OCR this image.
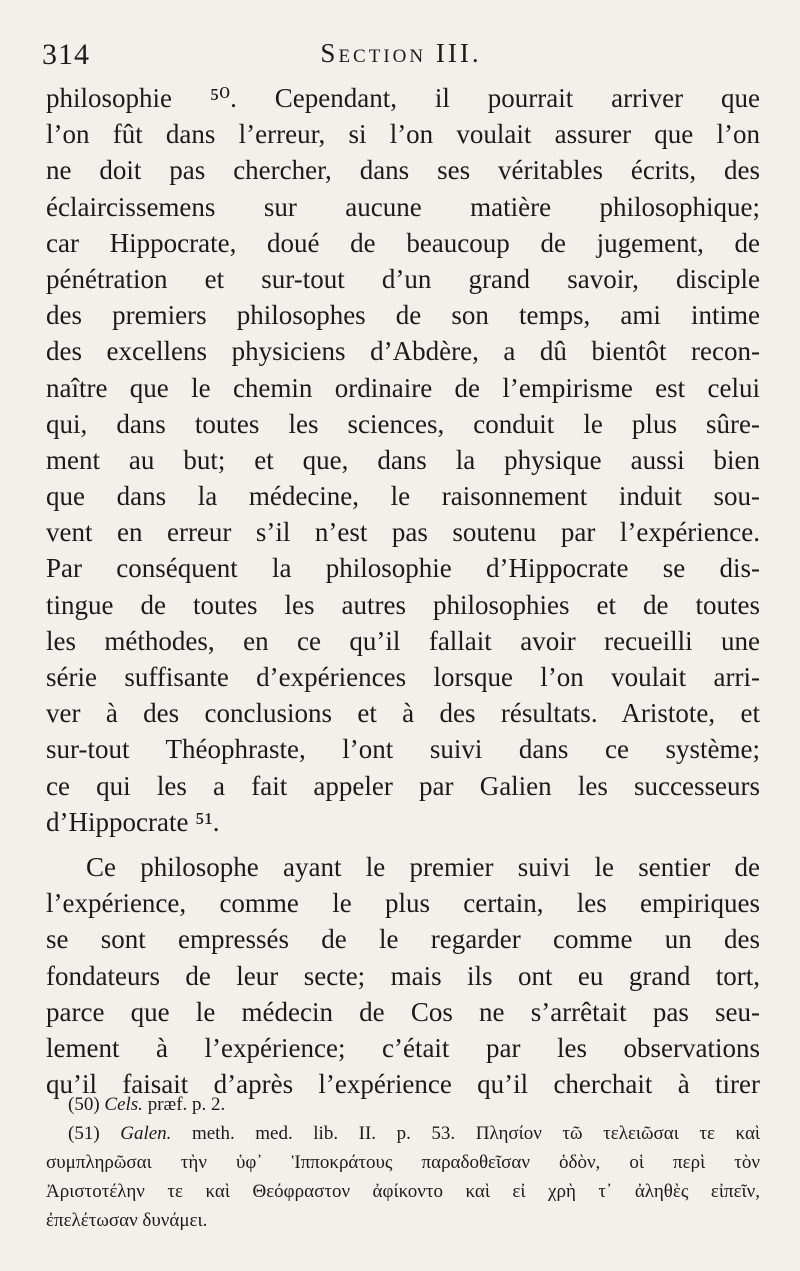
314	Section III.
philosophie ⁵⁰. Cependant, il pourrait arriver que
l’on fût dans l’erreur, si l’on voulait assurer que l’on
ne doit pas chercher, dans ses véritables écrits, des
éclaircissemens sur aucune matière philosophique;
car Hippocrate, doué de beaucoup de jugement, de
pénétration et sur-tout d’un grand savoir, disciple
des premiers philosophes de son temps, ami intime
des excellens physiciens d’Abdère, a dû bientôt recon-
naître que le chemin ordinaire de l’empirisme est celui
qui, dans toutes les sciences, conduit le plus sûre-
ment au but; et que, dans la physique aussi bien
que dans la médecine, le raisonnement induit sou-
vent en erreur s’il n’est pas soutenu par l’expérience.
Par conséquent la philosophie d’Hippocrate se dis-
tingue de toutes les autres philosophies et de toutes
les méthodes, en ce qu’il fallait avoir recueilli une
série suffisante d’expériences lorsque l’on voulait arri-
ver à des conclusions et à des résultats. Aristote, et
sur-tout Théophraste, l’ont suivi dans ce système;
ce qui les a fait appeler par Galien les successeurs
d’Hippocrate ⁵¹.
Ce philosophe ayant le premier suivi le sentier de
l’expérience, comme le plus certain, les empiriques
se sont empressés de le regarder comme un des
fondateurs de leur secte; mais ils ont eu grand tort,
parce que le médecin de Cos ne s’arrêtait pas seu-
lement à l’expérience; c’était par les observations
qu’il faisait d’après l’expérience qu’il cherchait à tirer
(50) Cels. præf. p. 2.
(51) Galen. meth. med. lib. II. p. 53. Πλησίον τῶ τελειῶσαι τε καὶ
συμπληρῶσαι τὴν ὑφ᾽ Ἱπποκράτους παραδοθεῖσαν ὁδὸν, οἱ περὶ τὸν
Ἀριστοτέλην τε καὶ Θεόφραστον ἀφίκοντο καὶ εἰ χρὴ τ᾽ ἀληθὲς εἰπεῖν,
ἐπελέτωσαν δυνάμει.
